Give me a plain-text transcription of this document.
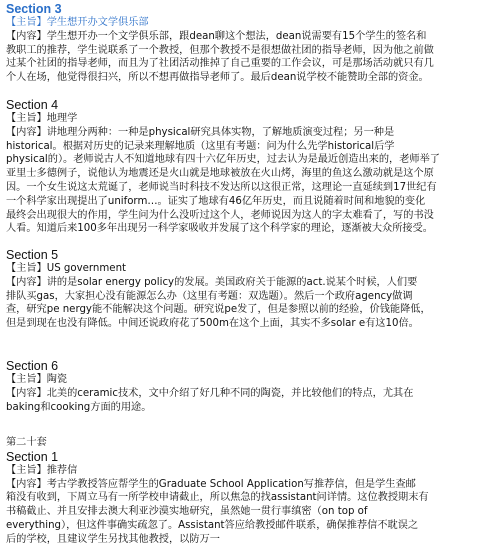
Section 3
【主旨】学生想开办文学俱乐部
【内容】学生想开办一个文学俱乐部，跟dean聊这个想法，dean说需要有15个学生的签名和
教职工的推荐，学生说联系了一个教授，但那个教授不是很想做社团的指导老师，因为他之前做
过某个社团的指导老师，而且为了社团活动推掉了自己重要的工作会议，可是那场活动就只有几
个人在场，他觉得很扫兴，所以不想再做指导老师了。最后dean说学校不能赞助全部的资金。
Section 4
【主旨】地理学
【内容】讲地理分两种：一种是physical研究具体实物，了解地质演变过程；另一种是
historical。根据对历史的记录来理解地质（这里有考题：问为什么先学historical后学
physical的）。老师说古人不知道地球有四十六亿年历史，过去认为是最近创造出来的，老师举了
亚里士多德例子，说他认为地震还是火山就是地球被放在火山烤，海里的鱼这么激动就是这个原
因。一个女生说这太荒诞了，老师说当时科技不发达所以这很正常，这理论一直延续到17世纪有
一个科学家出现提出了uniform…。证实了地球有46亿年历史，而且说随着时间和地貌的变化
最终会出现很大的作用，学生问为什么没听过这个人，老师说因为这人的字太难看了，写的书没
人看。知道后来100多年出现另一科学家吸收并发展了这个科学家的理论，逐渐被大众所接受。
Section 5
【主旨】US government
【内容】讲的是solar energy policy的发展。美国政府关于能源的act.说某个时候，人们要
排队买gas，大家担心没有能源怎么办（这里有考题：双选题）。然后一个政府agency做调
查，研究pe nergy能不能解决这个问题。研究说pe发了，但是参照以前的经验，价钱能降低，
但是到现在也没有降低。中间还说政府花了500m在这个上面，其实不多solar e有这10倍。
Section 6
【主旨】陶瓷
【内容】北美的ceramic技术，文中介绍了好几种不同的陶瓷，并比较他们的特点，尤其在
baking和cooking方面的用途。
第二十套
Section 1
【主旨】推荐信
【内容】考古学教授答应帮学生的Graduate School Application写推荐信，但是学生查邮
箱没有收到，下周立马有一所学校申请截止，所以焦急的找assistant问详情。这位教授期末有
书稿截止、并且安排去澳大利亚沙漠实地研究，虽然她一贯行事缜密（on top of
everything），但这件事确实疏忽了。Assistant答应给教授邮件联系，确保推荐信不耽误之
后的学校，且建议学生另找其他教授，以防万一
